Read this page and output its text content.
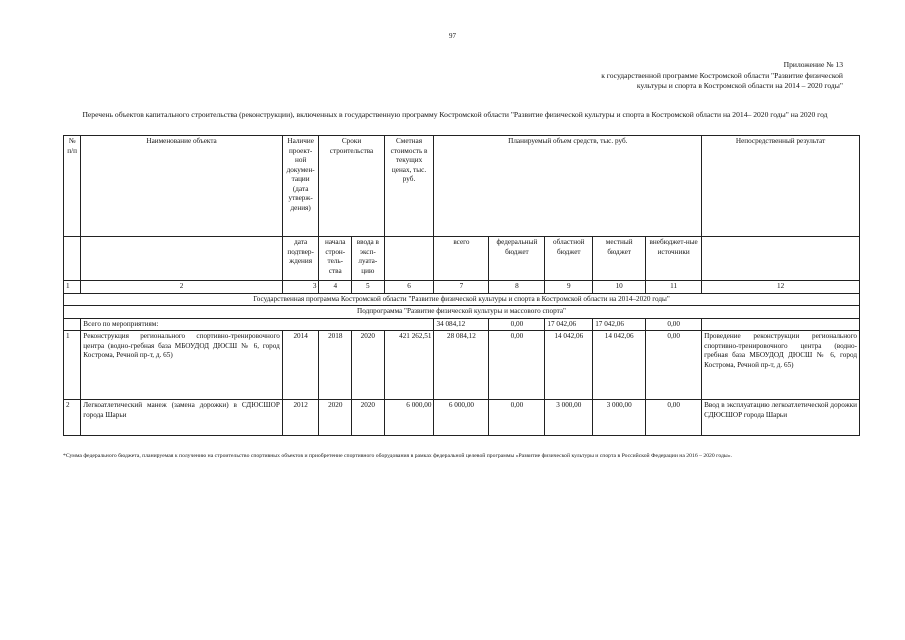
97
Приложение № 13
к государственной программе Костромской области "Развитие физической
культуры и спорта в Костромской области на 2014 – 2020 годы"
Перечень объектов капитального строительства (реконструкции), включенных в государственную программу Костромской области "Развитие физической культуры и спорта в Костромской области на 2014– 2020 годы" на 2020 год
№ п/п	Наименование объекта	Наличие проект-ной докумен-тации (дата утверж-дения)	Сроки строительства		Сметная стоимость в текущих ценах, тыс. руб.	Планируемый объем средств, тыс. руб.					Непосредственный результат
		дата подтвер-ждения	начала строн-тель-ства	ввода в эксп-луата-цию		всего	федеральный бюджет	областной бюджет	местный бюджет	внебюджет-ные источники	
1	2	3	4	5	6	7	8	9	10	11	12
Государственная программа Костромской области "Развитие физической культуры и спорта в Костромской области на 2014–2020 годы"											
Подпрограмма "Развитие физической культуры и массового спорта"											
	Всего по мероприятиям:					34 084,12	0,00	17 042,06	17 042,06	0,00	
1	Реконструкция регионального спортивно-тренировочного центра (водно-гребная база МБОУДОД ДЮСШ № 6, город Кострома, Речной пр-т, д. 65)	2014	2018	2020	421 262,51	28 084,12	0,00	14 042,06	14 042,06	0,00	Проведение реконструкции регионального спортивно-тренировочного центра (водно-гребная база МБОУДОД ДЮСШ № 6, город Кострома, Речной пр-т, д. 65)
2	Легкоатлетический манеж (замена дорожки) в СДЮСШОР города Шарьи	2012	2020	2020	6 000,00	6 000,00	0,00	3 000,00	3 000,00	0,00	Ввод в эксплуатацию легкоатлетической дорожки СДЮСШОР города Шарьи
*Сумма федерального бюджета, планируемая к получению на строительство спортивных объектов и приобретение спортивного оборудования в рамках федеральной целевой программы «Развитие физической культуры и спорта в Российской Федерации на 2016 – 2020 годы».
